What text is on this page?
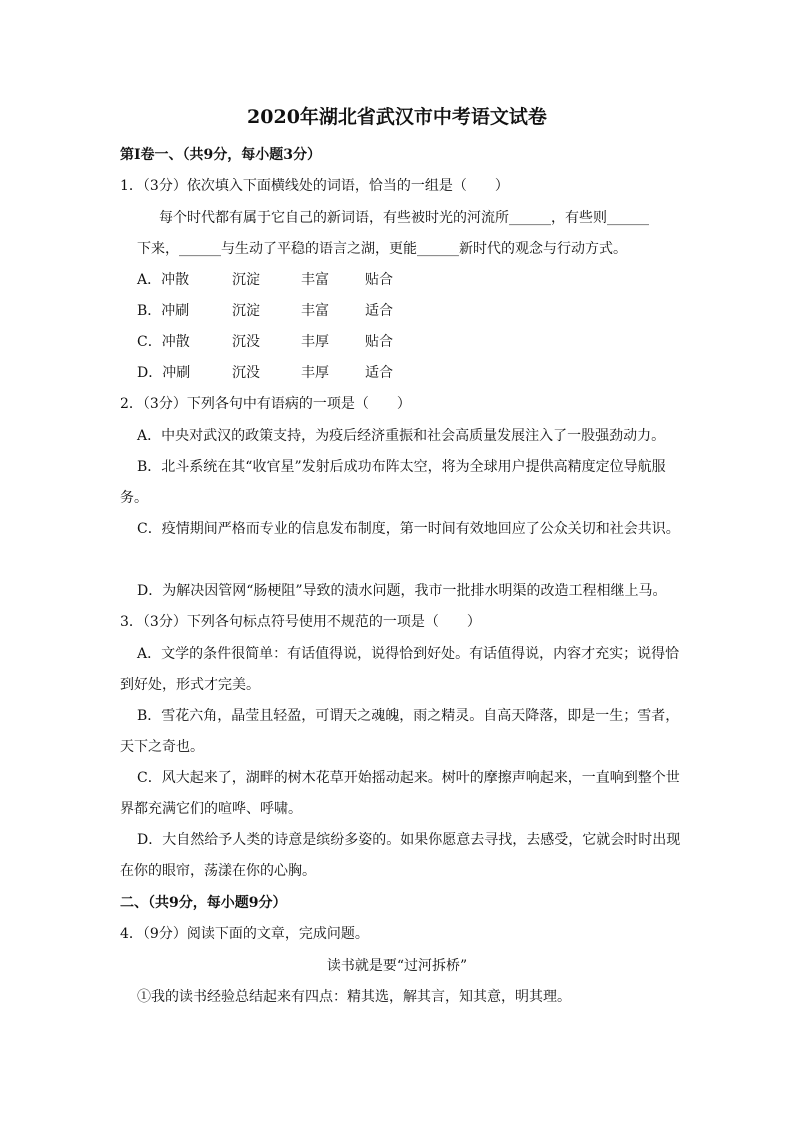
2020年湖北省武汉市中考语文试卷
第Ⅰ卷一、（共9分，每小题3分）
1．（3分）依次填入下面横线处的词语，恰当的一组是（　　）
每个时代都有属于它自己的新词语，有些被时光的河流所______，有些则______
下来，______与生动了平稳的语言之湖，更能______新时代的观念与行动方式。
A．冲散	沉淀	丰富	贴合
B．冲刷	沉淀	丰富	适合
C．冲散	沉没	丰厚	贴合
D．冲刷	沉没	丰厚	适合
2．（3分）下列各句中有语病的一项是（　　）
A．中央对武汉的政策支持，为疫后经济重振和社会高质量发展注入了一股强劲动力。
B．北斗系统在其“收官星”发射后成功布阵太空，将为全球用户提供高精度定位导航服
务。
C．疫情期间严格而专业的信息发布制度，第一时间有效地回应了公众关切和社会共识。
D．为解决因管网“肠梗阻”导致的渍水问题，我市一批排水明渠的改造工程相继上马。
3．（3分）下列各句标点符号使用不规范的一项是（　　）
A．文学的条件很简单：有话值得说，说得恰到好处。有话值得说，内容才充实；说得恰
到好处，形式才完美。
B．雪花六角，晶莹且轻盈，可谓天之魂魄，雨之精灵。自高天降落，即是一生；雪者，
天下之奇也。
C．风大起来了，湖畔的树木花草开始摇动起来。树叶的摩擦声响起来，一直响到整个世
界都充满它们的喧哗、呼啸。
D．大自然给予人类的诗意是缤纷多姿的。如果你愿意去寻找，去感受，它就会时时出现
在你的眼帘，荡漾在你的心胸。
二、（共9分，每小题9分）
4．（9分）阅读下面的文章，完成问题。
读书就是要“过河拆桥”
①我的读书经验总结起来有四点：精其选，解其言，知其意，明其理。
